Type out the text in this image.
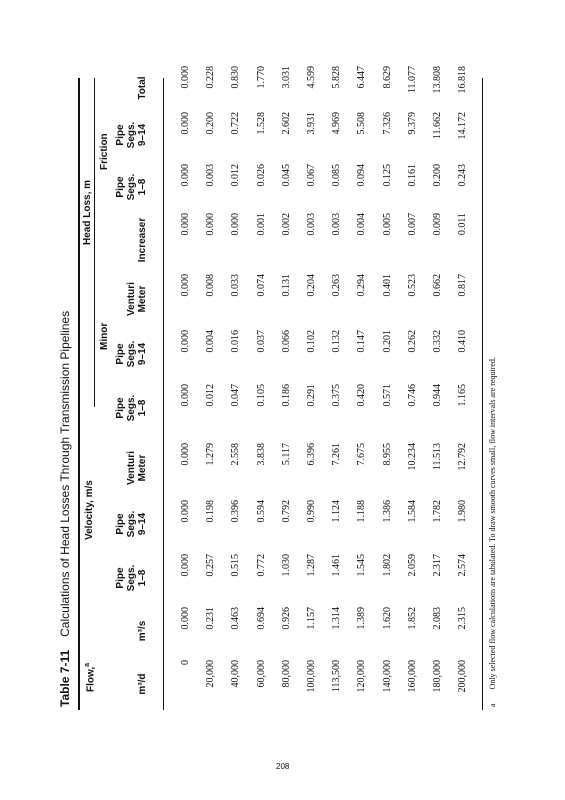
Table 7-11 Calculations of Head Losses Through Transmission Pipelines
Flow,$^a$
Velocity, m/s
Head Loss, m
Minor
Friction
m³/d
m³/s
Pipe
Segs.
1–8
Pipe
Segs.
9–14
Venturi
Meter
Pipe
Segs.
1–8
Pipe
Segs.
9–14
Venturi
Meter
Increaser
Pipe
Segs.
1–8
Pipe
Segs.
9–14
Total
0
0.000
0.000
0.000
0.000
0.000
0.000
0.000
0.000
0.000
0.000
0.000
20,000
0.231
0.257
0.198
1.279
0.012
0.004
0.008
0.000
0.003
0.200
0.228
40,000
0.463
0.515
0.396
2.558
0.047
0.016
0.033
0.000
0.012
0.722
0.830
60,000
0.694
0.772
0.594
3.838
0.105
0.037
0.074
0.001
0.026
1.528
1.770
80,000
0.926
1.030
0.792
5.117
0.186
0.066
0.131
0.002
0.045
2.602
3.031
100,000
1.157
1.287
0.990
6.396
0.291
0.102
0.204
0.003
0.067
3.931
4.599
113,500
1.314
1.461
1.124
7.261
0.375
0.132
0.263
0.003
0.085
4.969
5.828
120,000
1.389
1.545
1.188
7.675
0.420
0.147
0.294
0.004
0.094
5.508
6.447
140,000
1.620
1.802
1.386
8.955
0.571
0.201
0.401
0.005
0.125
7.326
8.629
160,000
1.852
2.059
1.584
10.234
0.746
0.262
0.523
0.007
0.161
9.379
11.077
180,000
2.083
2.317
1.782
11.513
0.944
0.332
0.662
0.009
0.200
11.662
13.808
200,000
2.315
2.574
1.980
12.792
1.165
0.410
0.817
0.011
0.243
14.172
16.818
aOnly selected flow calculations are tabulated. To draw smooth curves small, flow intervals are required.
208
